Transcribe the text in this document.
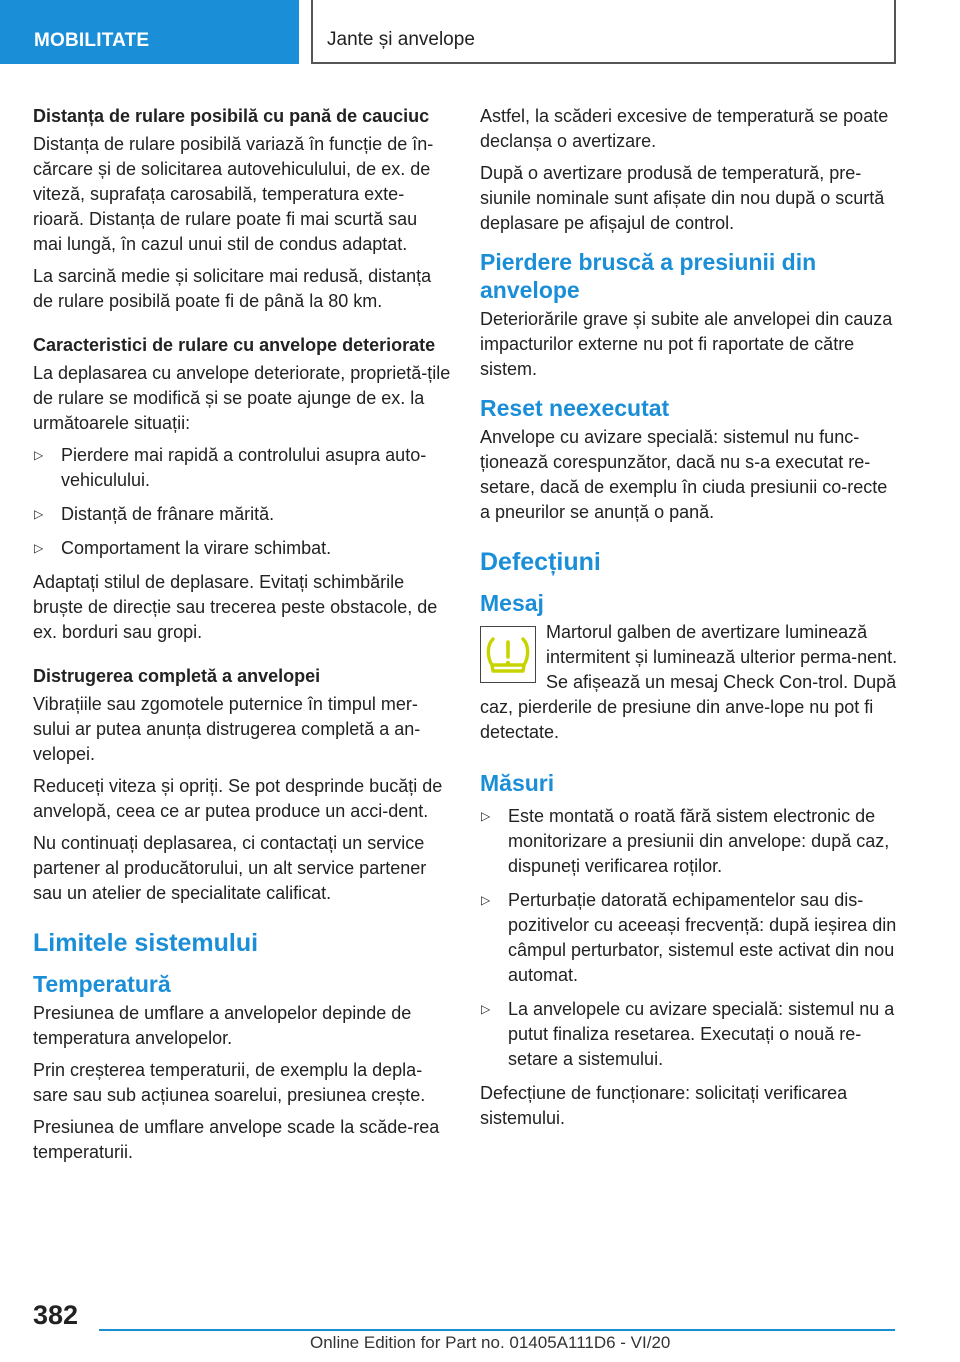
MOBILITATE	Jante și anvelope
Distanța de rulare posibilă cu pană de cauciuc

Distanța de rulare posibilă variază în funcție de în-cărcare și de solicitarea autovehiculului, de ex. de viteză, suprafața carosabilă, temperatura exte-rioară. Distanța de rulare poate fi mai scurtă sau mai lungă, în cazul unui stil de condus adaptat.

La sarcină medie și solicitare mai redusă, distanța de rulare posibilă poate fi de până la 80 km.

Caracteristici de rulare cu anvelope deteriorate

La deplasarea cu anvelope deteriorate, proprietă-țile de rulare se modifică și se poate ajunge de ex. la următoarele situații:

▷ Pierdere mai rapidă a controlului asupra auto-vehiculului.
▷ Distanță de frânare mărită.
▷ Comportament la virare schimbat.

Adaptați stilul de deplasare. Evitați schimbările bruște de direcție sau trecerea peste obstacole, de ex. borduri sau gropi.

Distrugerea completă a anvelopei

Vibrațiile sau zgomotele puternice în timpul mer-sului ar putea anunța distrugerea completă a an-velopei.

Reduceți viteza și opriți. Se pot desprinde bucăți de anvelopă, ceea ce ar putea produce un acci-dent.

Nu continuați deplasarea, ci contactați un service partener al producătorului, un alt service partener sau un atelier de specialitate calificat.

Limitele sistemului
Temperatură

Presiunea de umflare a anvelopelor depinde de temperatura anvelopelor.

Prin creșterea temperaturii, de exemplu la depla-sare sau sub acțiunea soarelui, presiunea crește.

Presiunea de umflare anvelope scade la scăde-rea temperaturii.

Astfel, la scăderi excesive de temperatură se poate declanșa o avertizare.

După o avertizare produsă de temperatură, pre-siunile nominale sunt afișate din nou după o scurtă deplasare pe afișajul de control.

Pierdere bruscă a presiunii din anvelope

Deteriorările grave și subite ale anvelopei din cauza impacturilor externe nu pot fi raportate de către sistem.

Reset neexecutat

Anvelope cu avizare specială: sistemul nu func-ționează corespunzător, dacă nu s-a executat re-setare, dacă de exemplu în ciuda presiunii co-recte a pneurilor se anunță o pană.

Defecțiuni
Mesaj

Martorul galben de avertizare luminează intermitent și luminează ulterior perma-nent. Se afișează un mesaj Check Con-trol. După caz, pierderile de presiune din anve-lope nu pot fi detectate.

Măsuri
▷ Este montată o roată fără sistem electronic de monitorizare a presiunii din anvelope: după caz, dispuneți verificarea roților.
▷ Perturbație datorată echipamentelor sau dis-pozitivelor cu aceeași frecvență: după ieșirea din câmpul perturbator, sistemul este activat din nou automat.
▷ La anvelopele cu avizare specială: sistemul nu a putut finaliza resetarea. Executați o nouă re-setare a sistemului.

Defecțiune de funcționare: solicitați verificarea sistemului.

382
Online Edition for Part no. 01405A111D6 - VI/20
